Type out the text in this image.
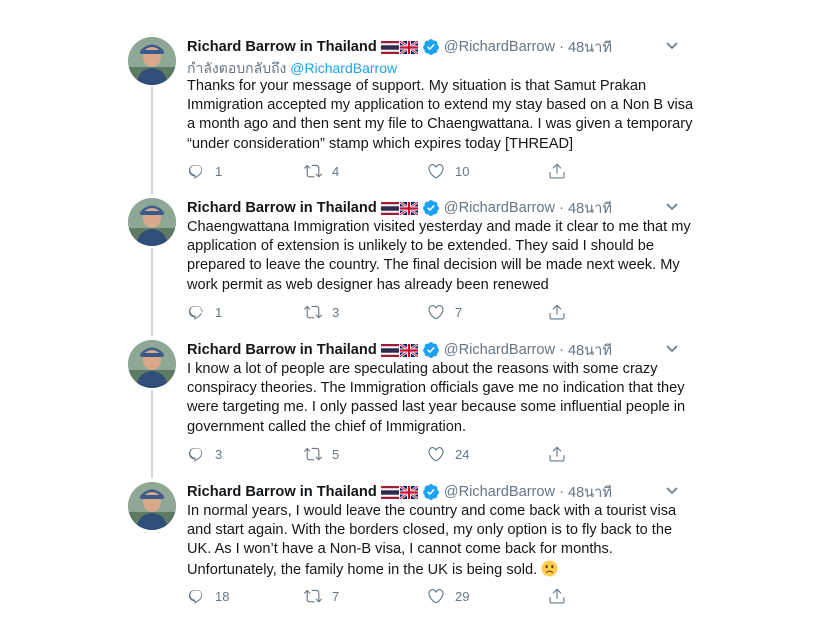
Richard Barrow in Thailand	@RichardBarrow · 48นาที
กำลังตอบกลับถึง @RichardBarrow
Thanks for your message of support. My situation is that Samut Prakan Immigration accepted my application to extend my stay based on a Non B visa a month ago and then sent my file to Chaengwattana. I was given a temporary “under consideration” stamp which expires today [THREAD]
1	4	10
Richard Barrow in Thailand	@RichardBarrow · 48นาที
Chaengwattana Immigration visited yesterday and made it clear to me that my application of extension is unlikely to be extended. They said I should be prepared to leave the country. The final decision will be made next week. My work permit as web designer has already been renewed
1	3	7
Richard Barrow in Thailand	@RichardBarrow · 48นาที
I know a lot of people are speculating about the reasons with some crazy conspiracy theories. The Immigration officials gave me no indication that they were targeting me. I only passed last year because some influential people in government called the chief of Immigration.
3	5	24
Richard Barrow in Thailand	@RichardBarrow · 48นาที
In normal years, I would leave the country and come back with a tourist visa and start again. With the borders closed, my only option is to fly back to the UK. As I won’t have a Non-B visa, I cannot come back for months. Unfortunately, the family home in the UK is being sold.
18	7	29
